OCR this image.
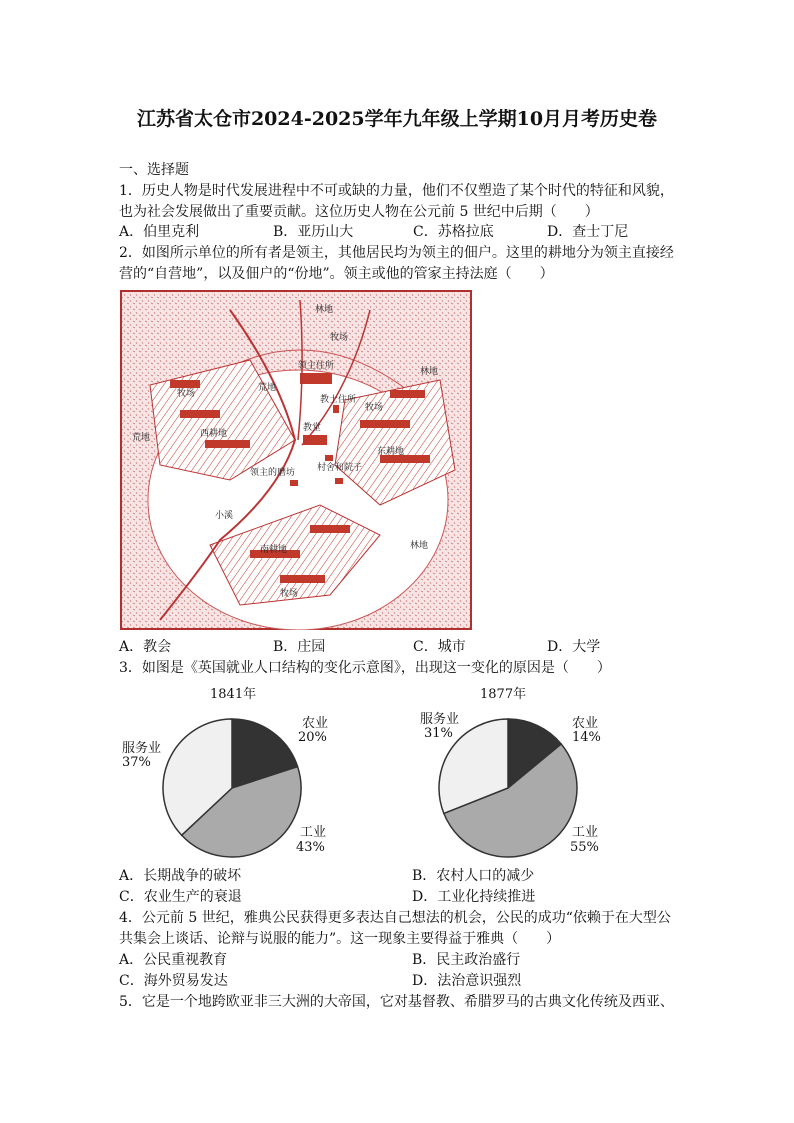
江苏省太仓市2024-2025学年九年级上学期10月月考历史卷
一、选择题
1．历史人物是时代发展进程中不可或缺的力量，他们不仅塑造了某个时代的特征和风貌，
也为社会发展做出了重要贡献。这位历史人物在公元前 5 世纪中后期（　　）
A．伯里克利	B．亚历山大	C．苏格拉底	D．查士丁尼
2．如图所示单位的所有者是领主，其他居民均为领主的佃户。这里的耕地分为领主直接经
营的“自营地”，以及佃户的“份地”。领主或他的管家主持法庭（　　）
林地
牧场
领主住所
教士住所
教堂
林地
牧场
荒地
西耕地
牧场
东耕地
村舍和院子
领主的磨坊
小溪
南耕地	林地
牧场
荒地
A．教会	B．庄园	C．城市	D．大学
3．如图是《英国就业人口结构的变化示意图》，出现这一变化的原因是（　　）
1841年
农业
20%
服务业
37%
工业
43%
1877年
农业
14%
服务业
31%
工业
55%
A．长期战争的破坏	B．农村人口的减少
C．农业生产的衰退	D．工业化持续推进
4．公元前 5 世纪，雅典公民获得更多表达自己想法的机会，公民的成功“依赖于在大型公
共集会上谈话、论辩与说服的能力”。这一现象主要得益于雅典（　　）
A．公民重视教育	B．民主政治盛行
C．海外贸易发达	D．法治意识强烈
5．它是一个地跨欧亚非三大洲的大帝国，它对基督教、希腊罗马的古典文化传统及西亚、
